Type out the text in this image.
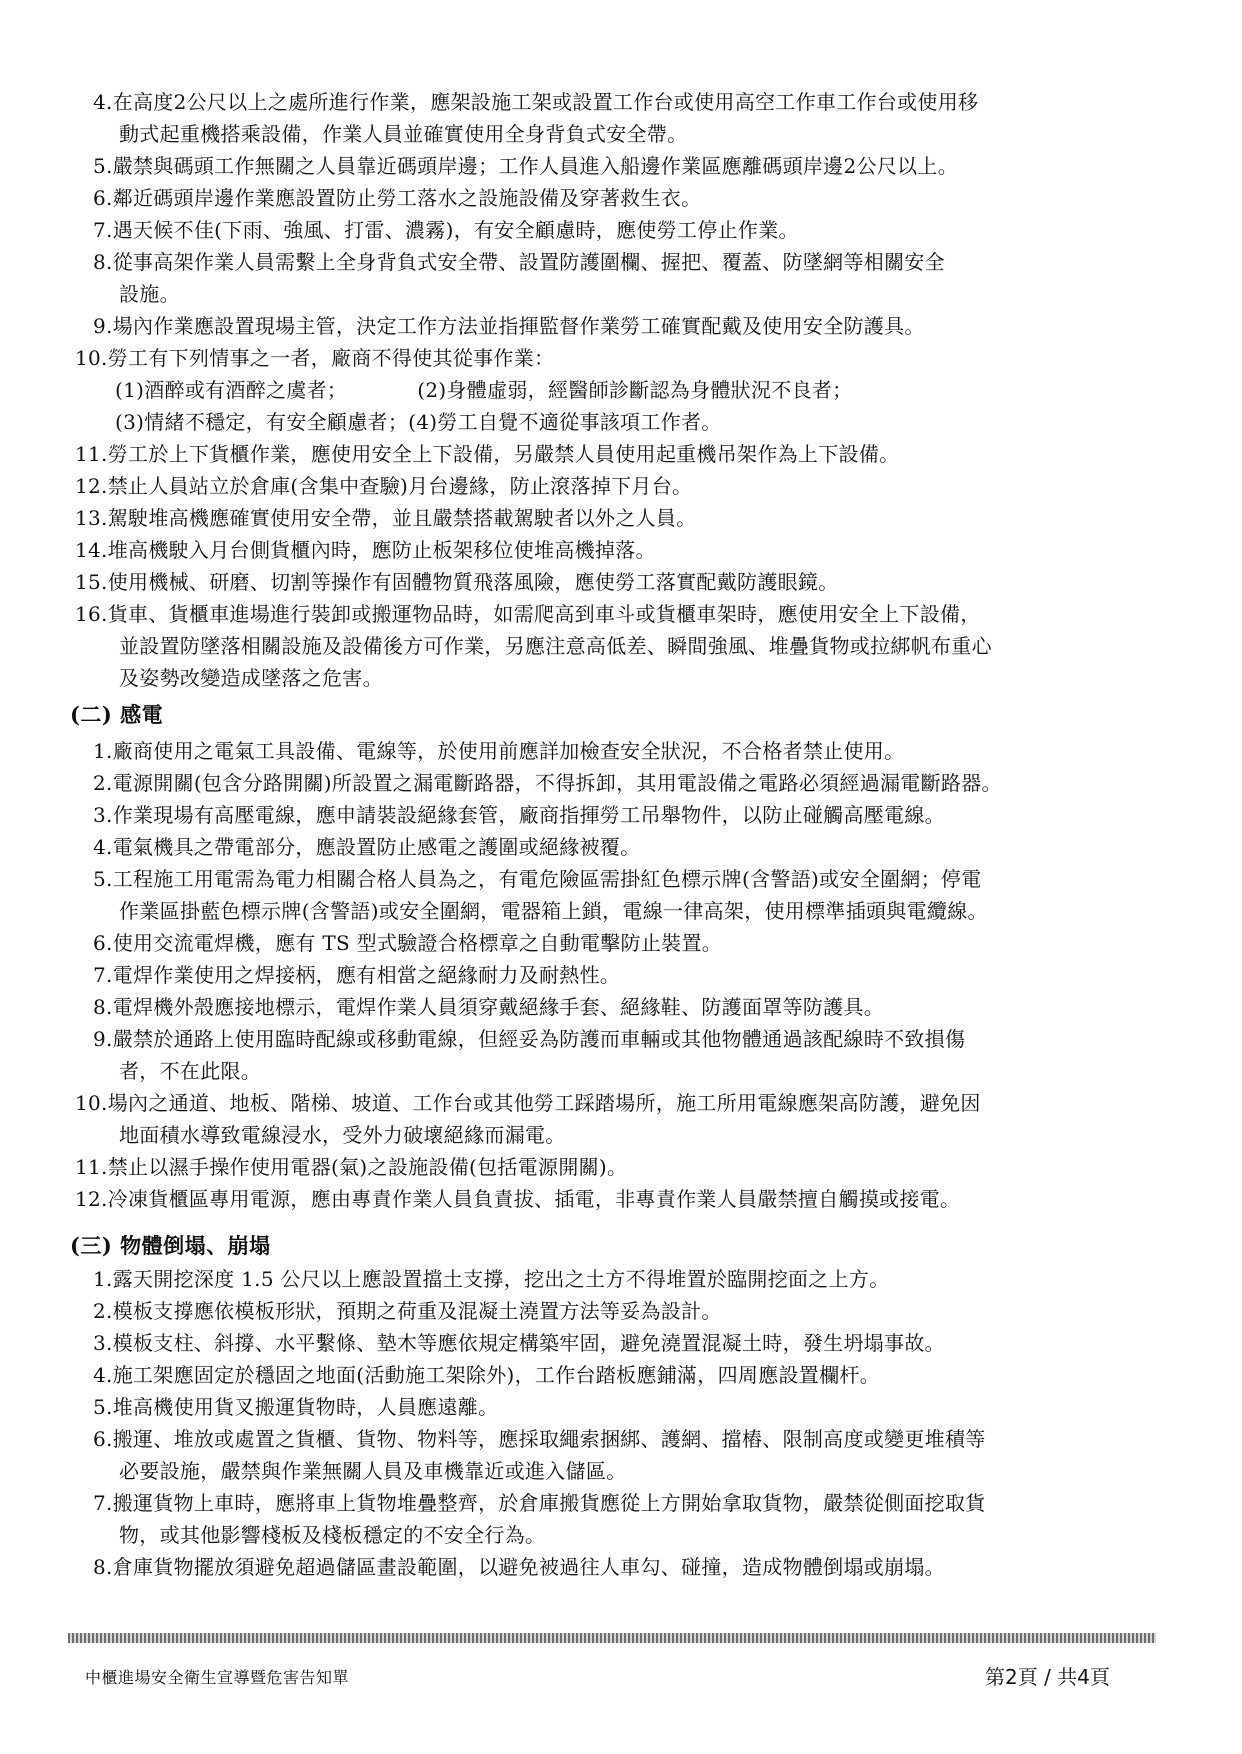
4.在高度2公尺以上之處所進行作業，應架設施工架或設置工作台或使用高空工作車工作台或使用移
動式起重機搭乘設備，作業人員並確實使用全身背負式安全帶。
5.嚴禁與碼頭工作無關之人員靠近碼頭岸邊；工作人員進入船邊作業區應離碼頭岸邊2公尺以上。
6.鄰近碼頭岸邊作業應設置防止勞工落水之設施設備及穿著救生衣。
7.遇天候不佳(下雨、強風、打雷、濃霧)，有安全顧慮時，應使勞工停止作業。
8.從事高架作業人員需繫上全身背負式安全帶、設置防護圍欄、握把、覆蓋、防墜網等相關安全
設施。
9.場內作業應設置現場主管，決定工作方法並指揮監督作業勞工確實配戴及使用安全防護具。
10.勞工有下列情事之一者，廠商不得使其從事作業：
(1)酒醉或有酒醉之虞者；	(2)身體虛弱，經醫師診斷認為身體狀況不良者；
(3)情緒不穩定，有安全顧慮者；(4)勞工自覺不適從事該項工作者。
11.勞工於上下貨櫃作業，應使用安全上下設備，另嚴禁人員使用起重機吊架作為上下設備。
12.禁止人員站立於倉庫(含集中查驗)月台邊緣，防止滾落掉下月台。
13.駕駛堆高機應確實使用安全帶，並且嚴禁搭載駕駛者以外之人員。
14.堆高機駛入月台側貨櫃內時，應防止板架移位使堆高機掉落。
15.使用機械、研磨、切割等操作有固體物質飛落風險，應使勞工落實配戴防護眼鏡。
16.貨車、貨櫃車進場進行裝卸或搬運物品時，如需爬高到車斗或貨櫃車架時，應使用安全上下設備，
並設置防墜落相關設施及設備後方可作業，另應注意高低差、瞬間強風、堆疊貨物或拉綁帆布重心
及姿勢改變造成墜落之危害。
(二) 感電
1.廠商使用之電氣工具設備、電線等，於使用前應詳加檢查安全狀況，不合格者禁止使用。
2.電源開關(包含分路開關)所設置之漏電斷路器，不得拆卸，其用電設備之電路必須經過漏電斷路器。
3.作業現場有高壓電線，應申請裝設絕緣套管，廠商指揮勞工吊舉物件，以防止碰觸高壓電線。
4.電氣機具之帶電部分，應設置防止感電之護圍或絕緣被覆。
5.工程施工用電需為電力相關合格人員為之，有電危險區需掛紅色標示牌(含警語)或安全圍網；停電
作業區掛藍色標示牌(含警語)或安全圍網，電器箱上鎖，電線一律高架，使用標準插頭與電纜線。
6.使用交流電焊機，應有 TS 型式驗證合格標章之自動電擊防止裝置。
7.電焊作業使用之焊接柄，應有相當之絕緣耐力及耐熱性。
8.電焊機外殼應接地標示，電焊作業人員須穿戴絕緣手套、絕緣鞋、防護面罩等防護具。
9.嚴禁於通路上使用臨時配線或移動電線，但經妥為防護而車輛或其他物體通過該配線時不致損傷
者，不在此限。
10.場內之通道、地板、階梯、坡道、工作台或其他勞工踩踏場所，施工所用電線應架高防護，避免因
地面積水導致電線浸水，受外力破壞絕緣而漏電。
11.禁止以濕手操作使用電器(氣)之設施設備(包括電源開關)。
12.冷凍貨櫃區專用電源，應由專責作業人員負責拔、插電，非專責作業人員嚴禁擅自觸摸或接電。
(三) 物體倒塌、崩塌
1.露天開挖深度 1.5 公尺以上應設置擋土支撐，挖出之土方不得堆置於臨開挖面之上方。
2.模板支撐應依模板形狀，預期之荷重及混凝土澆置方法等妥為設計。
3.模板支柱、斜撐、水平繫條、墊木等應依規定構築牢固，避免澆置混凝土時，發生坍塌事故。
4.施工架應固定於穩固之地面(活動施工架除外)，工作台踏板應鋪滿，四周應設置欄杆。
5.堆高機使用貨叉搬運貨物時，人員應遠離。
6.搬運、堆放或處置之貨櫃、貨物、物料等，應採取繩索捆綁、護網、擋樁、限制高度或變更堆積等
必要設施，嚴禁與作業無關人員及車機靠近或進入儲區。
7.搬運貨物上車時，應將車上貨物堆疊整齊，於倉庫搬貨應從上方開始拿取貨物，嚴禁從側面挖取貨
物，或其他影響棧板及棧板穩定的不安全行為。
8.倉庫貨物擺放須避免超過儲區畫設範圍，以避免被過往人車勾、碰撞，造成物體倒塌或崩塌。
中櫃進場安全衛生宣導暨危害告知單	第2頁 / 共4頁
